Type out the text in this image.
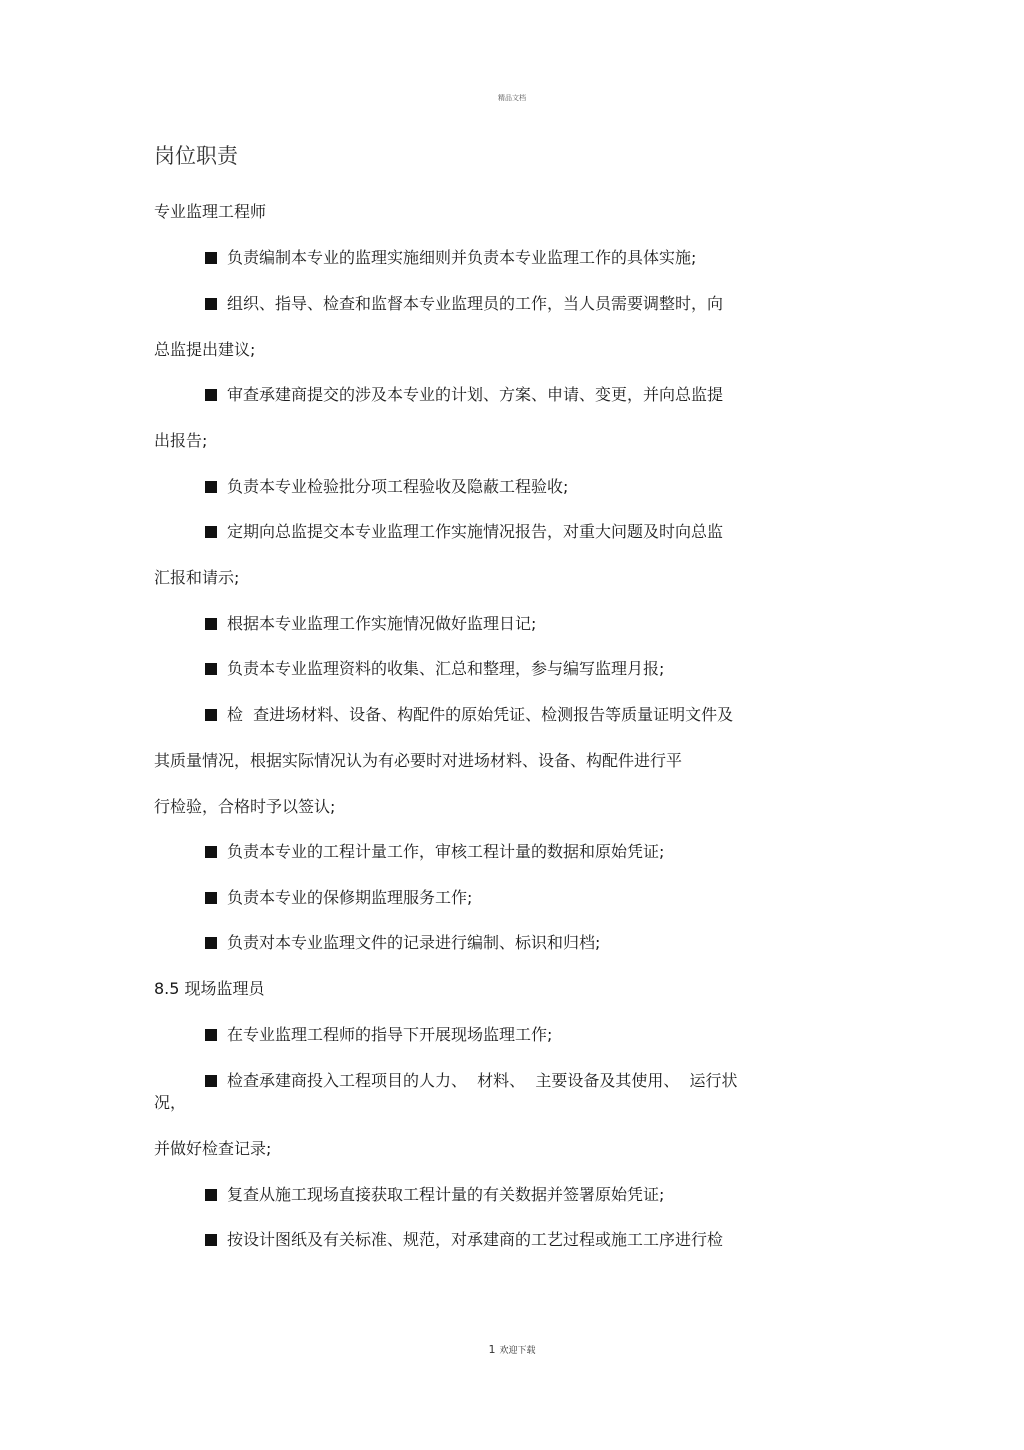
精品文档
岗位职责
专业监理工程师
负责编制本专业的监理实施细则并负责本专业监理工作的具体实施;
组织、指导、检查和监督本专业监理员的工作，当人员需要调整时，向
总监提出建议;
审查承建商提交的涉及本专业的计划、方案、申请、变更，并向总监提
出报告;
负责本专业检验批分项工程验收及隐蔽工程验收;
定期向总监提交本专业监理工作实施情况报告，对重大问题及时向总监
汇报和请示;
根据本专业监理工作实施情况做好监理日记;
负责本专业监理资料的收集、汇总和整理，参与编写监理月报;
检  查进场材料、设备、构配件的原始凭证、检测报告等质量证明文件及
其质量情况，根据实际情况认为有必要时对进场材料、设备、构配件进行平
行检验，合格时予以签认;
负责本专业的工程计量工作，审核工程计量的数据和原始凭证;
负责本专业的保修期监理服务工作;
负责对本专业监理文件的记录进行编制、标识和归档;
8.5 现场监理员
在专业监理工程师的指导下开展现场监理工作;
检查承建商投入工程项目的人力、  材料、  主要设备及其使用、  运行状
况，
并做好检查记录;
复查从施工现场直接获取工程计量的有关数据并签署原始凭证;
按设计图纸及有关标准、规范，对承建商的工艺过程或施工工序进行检
1 欢迎下载
